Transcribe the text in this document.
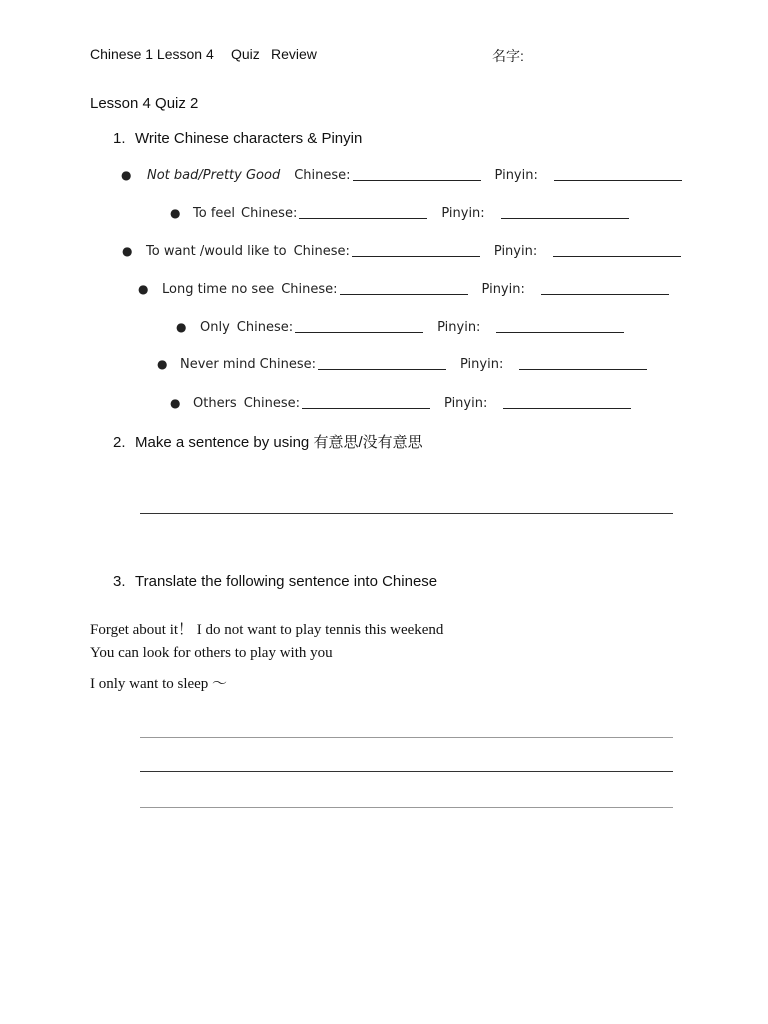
Chinese 1 Lesson 4 Quiz Review	名字:
Lesson 4 Quiz 2
1. Write Chinese characters & Pinyin
● Not bad/Pretty Good Chinese:	Pinyin:
● To feel Chinese:	Pinyin:
● To want /would like to Chinese:	Pinyin:
● Long time no see Chinese:	Pinyin:
● Only Chinese:	Pinyin:
● Never mind Chinese:	Pinyin:
● Others Chinese:	Pinyin:
2. Make a sentence by using 有意思/没有意思
3. Translate the following sentence into Chinese
Forget about it！ I do not want to play tennis this weekend
You can look for others to play with you
I only want to sleep ～
